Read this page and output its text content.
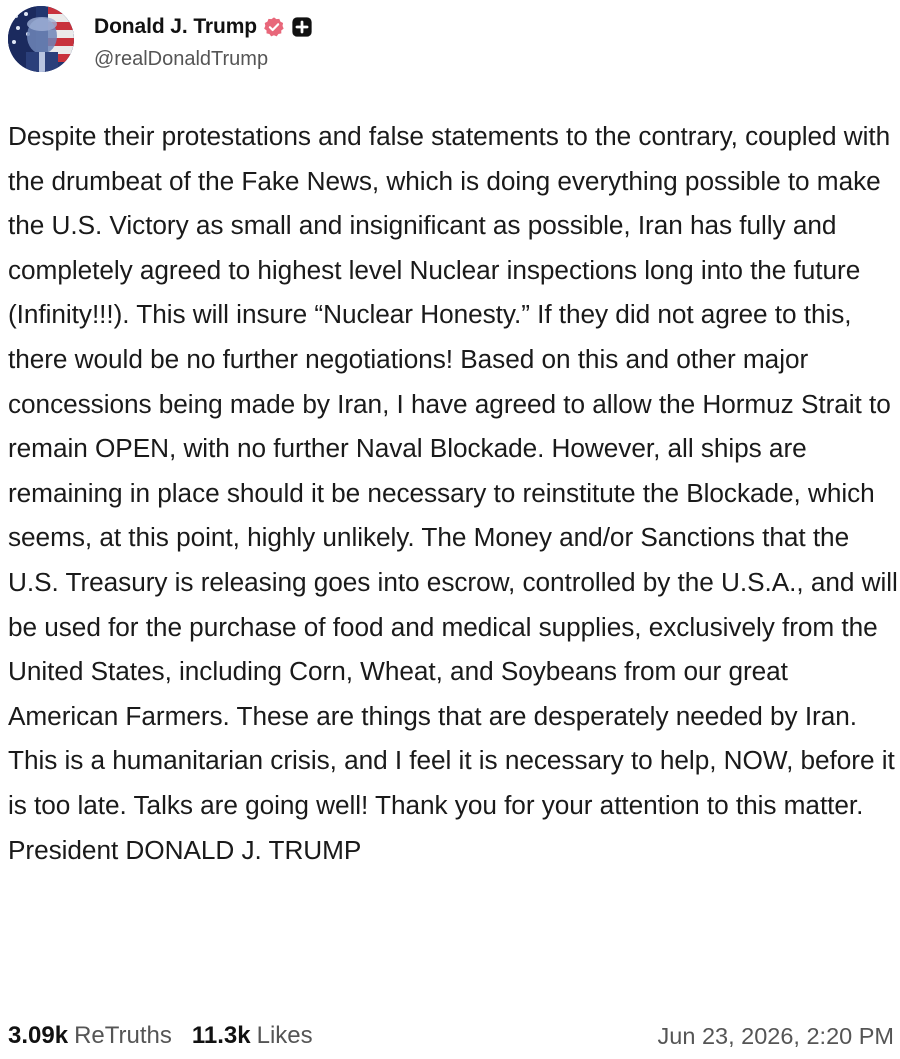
Donald J. Trump
@realDonaldTrump
Despite their protestations and false statements to the contrary, coupled with the drumbeat of the Fake News, which is doing everything possible to make the U.S. Victory as small and insignificant as possible, Iran has fully and completely agreed to highest level Nuclear inspections long into the future (Infinity!!!). This will insure “Nuclear Honesty.” If they did not agree to this, there would be no further negotiations! Based on this and other major concessions being made by Iran, I have agreed to allow the Hormuz Strait to remain OPEN, with no further Naval Blockade. However, all ships are remaining in place should it be necessary to reinstitute the Blockade, which seems, at this point, highly unlikely. The Money and/or Sanctions that the U.S. Treasury is releasing goes into escrow, controlled by the U.S.A., and will be used for the purchase of food and medical supplies, exclusively from the United States, including Corn, Wheat, and Soybeans from our great American Farmers. These are things that are desperately needed by Iran. This is a humanitarian crisis, and I feel it is necessary to help, NOW, before it is too late. Talks are going well! Thank you for your attention to this matter. President DONALD J. TRUMP
3.09k ReTruths 11.3k Likes	Jun 23, 2026, 2:20 PM
